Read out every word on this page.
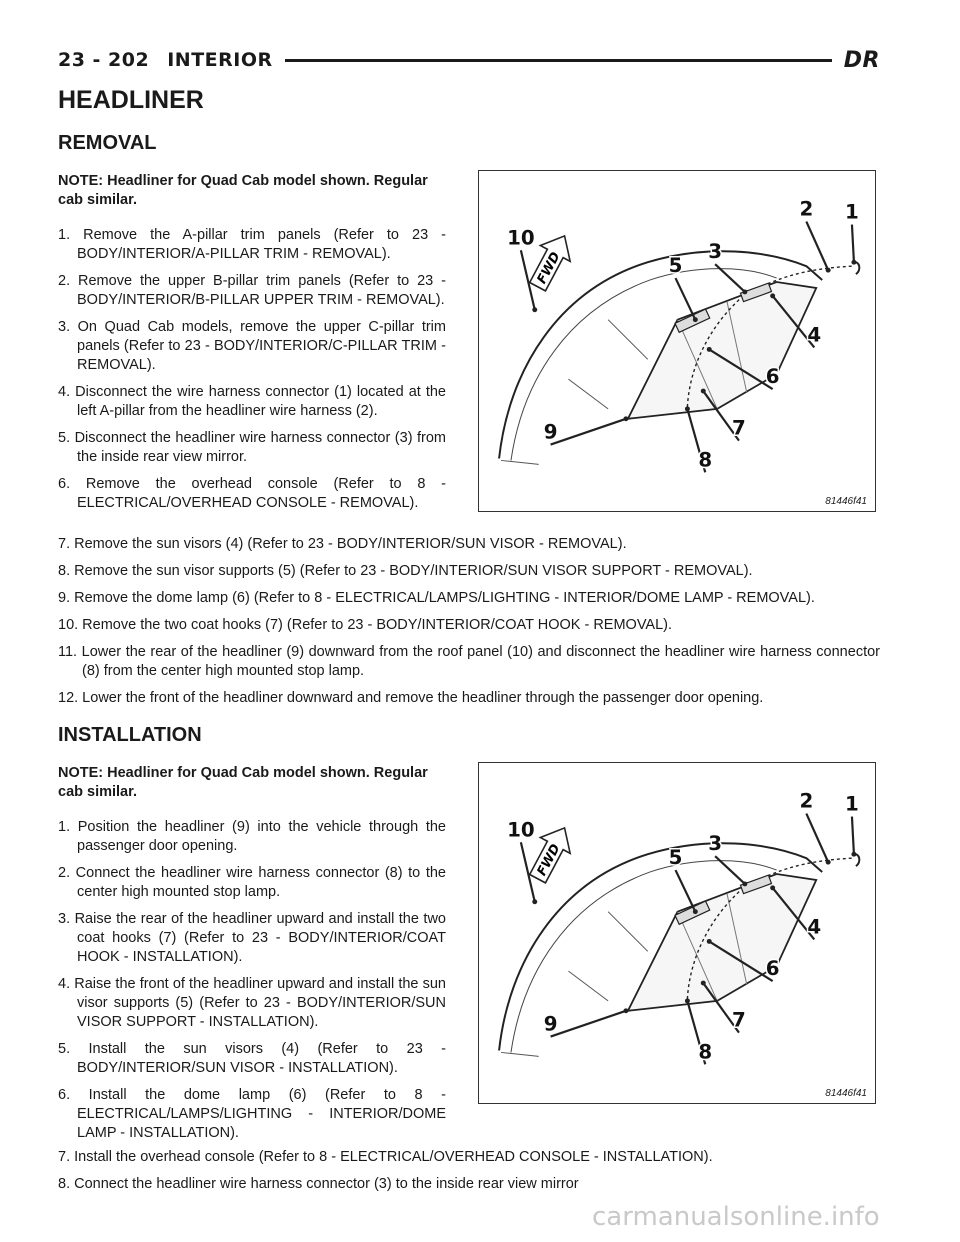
23 - 202 INTERIOR	DR
HEADLINER
REMOVAL

NOTE: Headliner for Quad Cab model shown. Regular cab similar.

1. Remove the A-pillar trim panels (Refer to 23 - BODY/INTERIOR/A-PILLAR TRIM - REMOVAL).
2. Remove the upper B-pillar trim panels (Refer to 23 - BODY/INTERIOR/B-PILLAR UPPER TRIM - REMOVAL).
3. On Quad Cab models, remove the upper C-pillar trim panels (Refer to 23 - BODY/INTERIOR/C-PILLAR TRIM - REMOVAL).
4. Disconnect the wire harness connector (1) located at the left A-pillar from the headliner wire harness (2).
5. Disconnect the headliner wire harness connector (3) from the inside rear view mirror.
6. Remove the overhead console (Refer to 8 - ELECTRICAL/OVERHEAD CONSOLE - REMOVAL).
7. Remove the sun visors (4) (Refer to 23 - BODY/INTERIOR/SUN VISOR - REMOVAL).
8. Remove the sun visor supports (5) (Refer to 23 - BODY/INTERIOR/SUN VISOR SUPPORT - REMOVAL).
9. Remove the dome lamp (6) (Refer to 8 - ELECTRICAL/LAMPS/LIGHTING - INTERIOR/DOME LAMP - REMOVAL).
10. Remove the two coat hooks (7) (Refer to 23 - BODY/INTERIOR/COAT HOOK - REMOVAL).
11. Lower the rear of the headliner (9) downward from the roof panel (10) and disconnect the headliner wire harness connector (8) from the center high mounted stop lamp.
12. Lower the front of the headliner downward and remove the headliner through the passenger door opening.
FWD
1
2
3
4
5
6
7
8
9
10
81446f41
INSTALLATION

NOTE: Headliner for Quad Cab model shown. Regular cab similar.

1. Position the headliner (9) into the vehicle through the passenger door opening.
2. Connect the headliner wire harness connector (8) to the center high mounted stop lamp.
3. Raise the rear of the headliner upward and install the two coat hooks (7) (Refer to 23 - BODY/INTERIOR/COAT HOOK - INSTALLATION).
4. Raise the front of the headliner upward and install the sun visor supports (5) (Refer to 23 - BODY/INTERIOR/SUN VISOR SUPPORT - INSTALLATION).
5. Install the sun visors (4) (Refer to 23 - BODY/INTERIOR/SUN VISOR - INSTALLATION).
6. Install the dome lamp (6) (Refer to 8 - ELECTRICAL/LAMPS/LIGHTING - INTERIOR/DOME LAMP - INSTALLATION).
7. Install the overhead console (Refer to 8 - ELECTRICAL/OVERHEAD CONSOLE - INSTALLATION).
8. Connect the headliner wire harness connector (3) to the inside rear view mirror
FWD
1
2
3
4
5
6
7
8
9
10
81446f41
carmanualsonline.info
